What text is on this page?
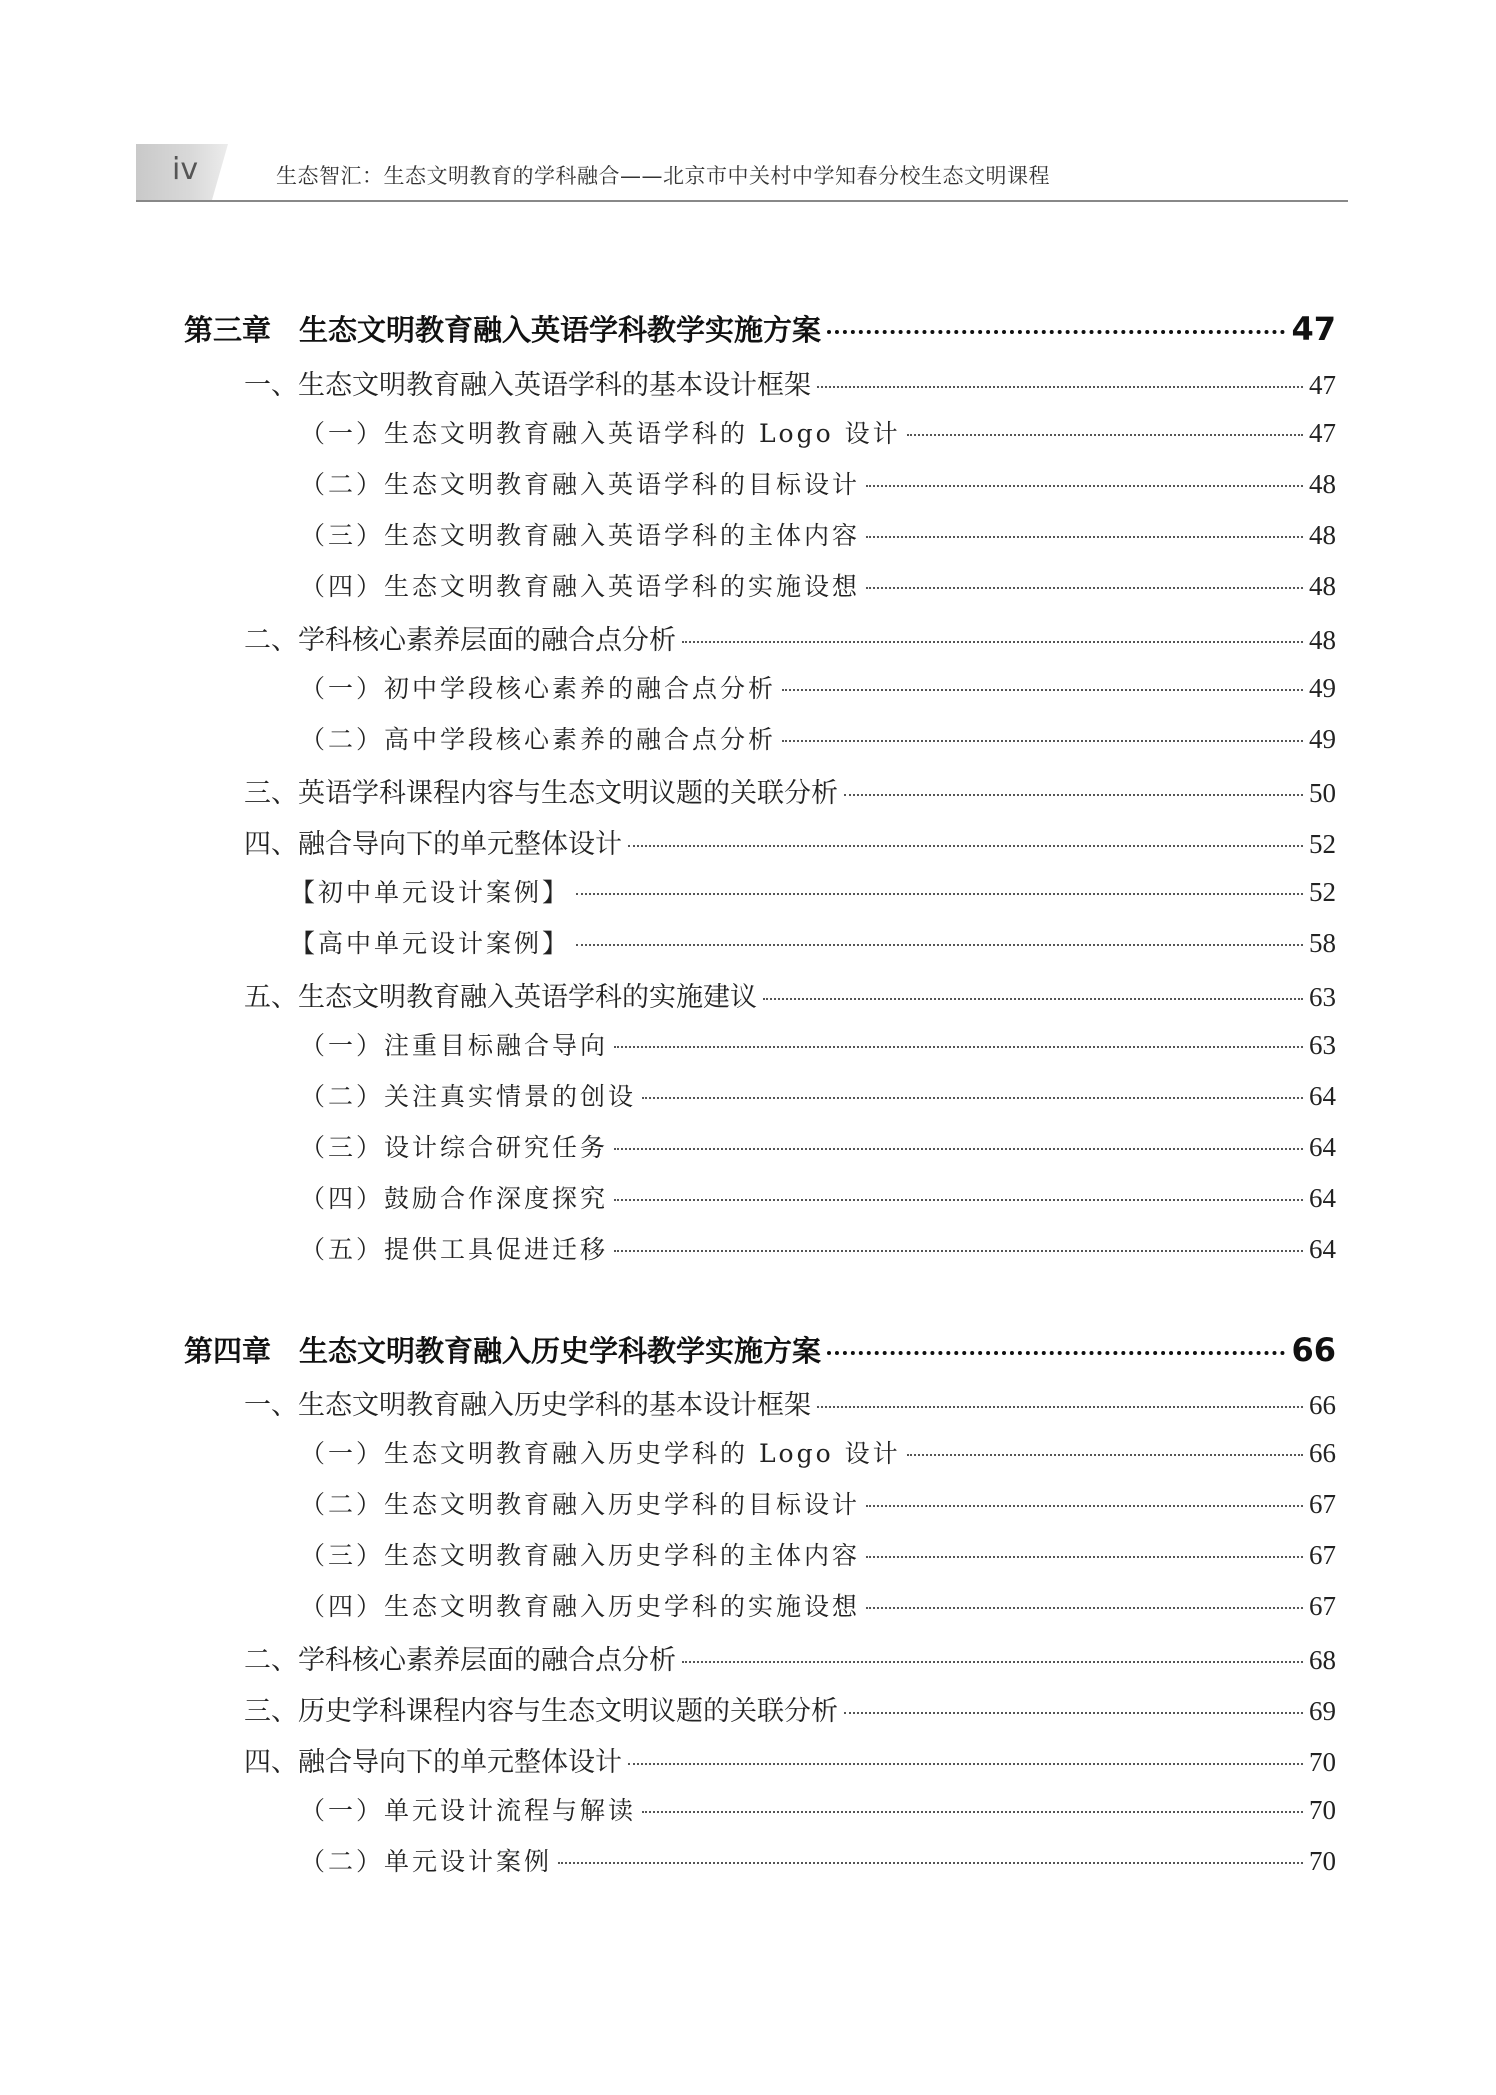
iv	生态智汇：生态文明教育的学科融合——北京市中关村中学知春分校生态文明课程
第三章 生态文明教育融入英语学科教学实施方案	47
一、生态文明教育融入英语学科的基本设计框架	47
（一）生态文明教育融入英语学科的 Logo 设计	47
（二）生态文明教育融入英语学科的目标设计	48
（三）生态文明教育融入英语学科的主体内容	48
（四）生态文明教育融入英语学科的实施设想	48
二、学科核心素养层面的融合点分析	48
（一）初中学段核心素养的融合点分析	49
（二）高中学段核心素养的融合点分析	49
三、英语学科课程内容与生态文明议题的关联分析	50
四、融合导向下的单元整体设计	52
【初中单元设计案例】	52
【高中单元设计案例】	58
五、生态文明教育融入英语学科的实施建议	63
（一）注重目标融合导向	63
（二）关注真实情景的创设	64
（三）设计综合研究任务	64
（四）鼓励合作深度探究	64
（五）提供工具促进迁移	64
第四章 生态文明教育融入历史学科教学实施方案	66
一、生态文明教育融入历史学科的基本设计框架	66
（一）生态文明教育融入历史学科的 Logo 设计	66
（二）生态文明教育融入历史学科的目标设计	67
（三）生态文明教育融入历史学科的主体内容	67
（四）生态文明教育融入历史学科的实施设想	67
二、学科核心素养层面的融合点分析	68
三、历史学科课程内容与生态文明议题的关联分析	69
四、融合导向下的单元整体设计	70
（一）单元设计流程与解读	70
（二）单元设计案例	70
